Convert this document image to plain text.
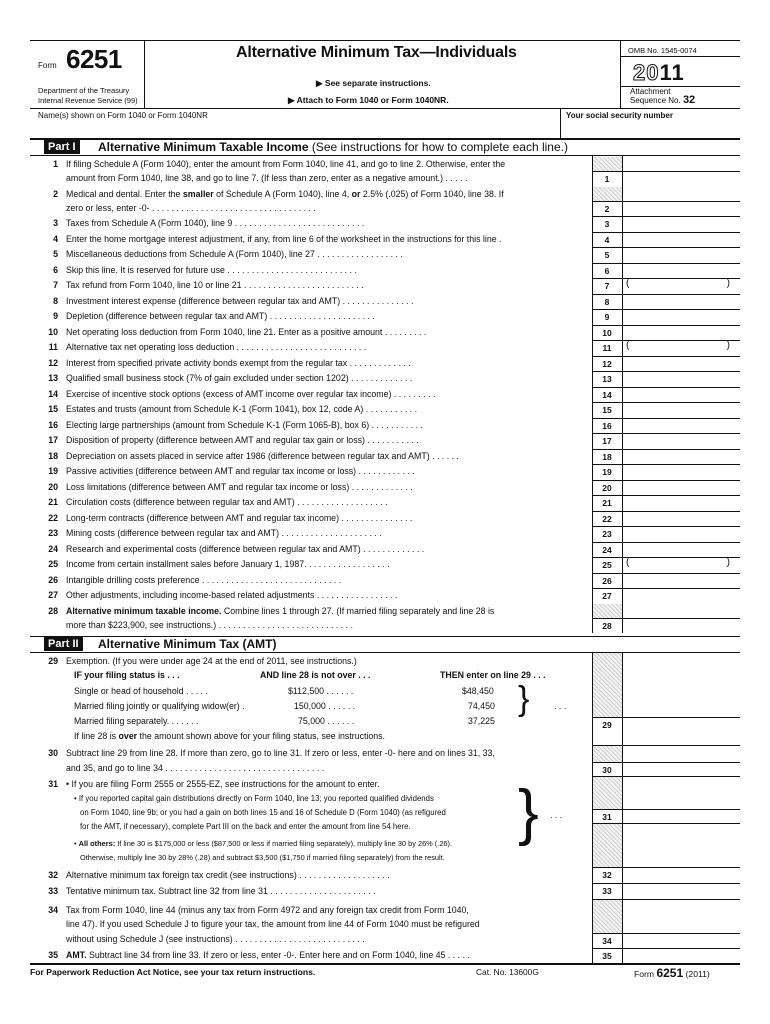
Form 6251
Department of the Treasury
Internal Revenue Service (99)
Alternative Minimum Tax—Individuals
▶ See separate instructions.
▶ Attach to Form 1040 or Form 1040NR.
OMB No. 1545-0074
2011
Attachment
Sequence No. 32
Name(s) shown on Form 1040 or Form 1040NR	Your social security number
Part I	Alternative Minimum Taxable Income (See instructions for how to complete each line.)
1 If filing Schedule A (Form 1040), enter the amount from Form 1040, line 41, and go to line 2. Otherwise, enter the
amount from Form 1040, line 38, and go to line 7. (If less than zero, enter as a negative amount.) . . . . .	1
2 Medical and dental. Enter the smaller of Schedule A (Form 1040), line 4, or 2.5% (.025) of Form 1040, line 38. If
zero or less, enter -0- . . . . . . . . . . . . . . . . . . . . . . . . . . . . . . . . . .	2
3 Taxes from Schedule A (Form 1040), line 9 . . . . . . . . . . . . . . . . . . . . . . . . . . .	3
4 Enter the home mortgage interest adjustment, if any, from line 6 of the worksheet in the instructions for this line .	4
5 Miscellaneous deductions from Schedule A (Form 1040), line 27 . . . . . . . . . . . . . . . . . .	5
6 Skip this line. It is reserved for future use . . . . . . . . . . . . . . . . . . . . . . . . . . .	6
7 Tax refund from Form 1040, line 10 or line 21 . . . . . . . . . . . . . . . . . . . . . . . . .	7	(	)
8 Investment interest expense (difference between regular tax and AMT) . . . . . . . . . . . . . . .	8
9 Depletion (difference between regular tax and AMT) . . . . . . . . . . . . . . . . . . . . . .	9
10 Net operating loss deduction from Form 1040, line 21. Enter as a positive amount . . . . . . . . .	10
11 Alternative tax net operating loss deduction . . . . . . . . . . . . . . . . . . . . . . . . . . .	11	(	)
12 Interest from specified private activity bonds exempt from the regular tax . . . . . . . . . . . . .	12
13 Qualified small business stock (7% of gain excluded under section 1202) . . . . . . . . . . . . .	13
14 Exercise of incentive stock options (excess of AMT income over regular tax income) . . . . . . . . .	14
15 Estates and trusts (amount from Schedule K-1 (Form 1041), box 12, code A) . . . . . . . . . . .	15
16 Electing large partnerships (amount from Schedule K-1 (Form 1065-B), box 6) . . . . . . . . . . .	16
17 Disposition of property (difference between AMT and regular tax gain or loss) . . . . . . . . . . .	17
18 Depreciation on assets placed in service after 1986 (difference between regular tax and AMT) . . . . . .	18
19 Passive activities (difference between AMT and regular tax income or loss) . . . . . . . . . . . .	19
20 Loss limitations (difference between AMT and regular tax income or loss) . . . . . . . . . . . . .	20
21 Circulation costs (difference between regular tax and AMT) . . . . . . . . . . . . . . . . . . .	21
22 Long-term contracts (difference between AMT and regular tax income) . . . . . . . . . . . . . . .	22
23 Mining costs (difference between regular tax and AMT) . . . . . . . . . . . . . . . . . . . . .	23
24 Research and experimental costs (difference between regular tax and AMT) . . . . . . . . . . . . .	24
25 Income from certain installment sales before January 1, 1987. . . . . . . . . . . . . . . . . .	25	(	)
26 Intangible drilling costs preference . . . . . . . . . . . . . . . . . . . . . . . . . . . . .	26
27 Other adjustments, including income-based related adjustments . . . . . . . . . . . . . . . . .	27
28 Alternative minimum taxable income. Combine lines 1 through 27. (If married filing separately and line 28 is
more than $223,900, see instructions.) . . . . . . . . . . . . . . . . . . . . . . . . . . . .	28
Part II	Alternative Minimum Tax (AMT)
29 Exemption. (If you were under age 24 at the end of 2011, see instructions.)
IF your filing status is . . .	AND line 28 is not over . . .	THEN enter on line 29 . . .
Single or head of household . . . . .	$112,500 . . . . . .	$48,450
Married filing jointly or qualifying widow(er) .	150,000 . . . . . .	74,450
Married filing separately. . . . . . .	75,000 . . . . . .	37,225
}	. . .
If line 28 is over the amount shown above for your filing status, see instructions.
29
30 Subtract line 29 from line 28. If more than zero, go to line 31. If zero or less, enter -0- here and on lines 31, 33,
and 35, and go to line 34 . . . . . . . . . . . . . . . . . . . . . . . . . . . . . . . . .	30
31 • If you are filing Form 2555 or 2555-EZ, see instructions for the amount to enter.
• If you reported capital gain distributions directly on Form 1040, line 13; you reported qualified dividends
on Form 1040, line 9b; or you had a gain on both lines 15 and 16 of Schedule D (Form 1040) (as refigured
for the AMT, if necessary), complete Part III on the back and enter the amount from line 54 here.
• All others: If line 30 is $175,000 or less ($87,500 or less if married filing separately), multiply line 30 by 26% (.26).
Otherwise, multiply line 30 by 28% (.28) and subtract $3,500 ($1,750 if married filing separately) from the result.
} . . .	31
32 Alternative minimum tax foreign tax credit (see instructions) . . . . . . . . . . . . . . . . . . .	32
33 Tentative minimum tax. Subtract line 32 from line 31 . . . . . . . . . . . . . . . . . . . . . .	33
34 Tax from Form 1040, line 44 (minus any tax from Form 4972 and any foreign tax credit from Form 1040,
line 47). If you used Schedule J to figure your tax, the amount from line 44 of Form 1040 must be refigured
without using Schedule J (see instructions) . . . . . . . . . . . . . . . . . . . . . . . . . . .	34
35 AMT. Subtract line 34 from line 33. If zero or less, enter -0-. Enter here and on Form 1040, line 45 . . . . .	35
For Paperwork Reduction Act Notice, see your tax return instructions.	Cat. No. 13600G	Form 6251 (2011)
